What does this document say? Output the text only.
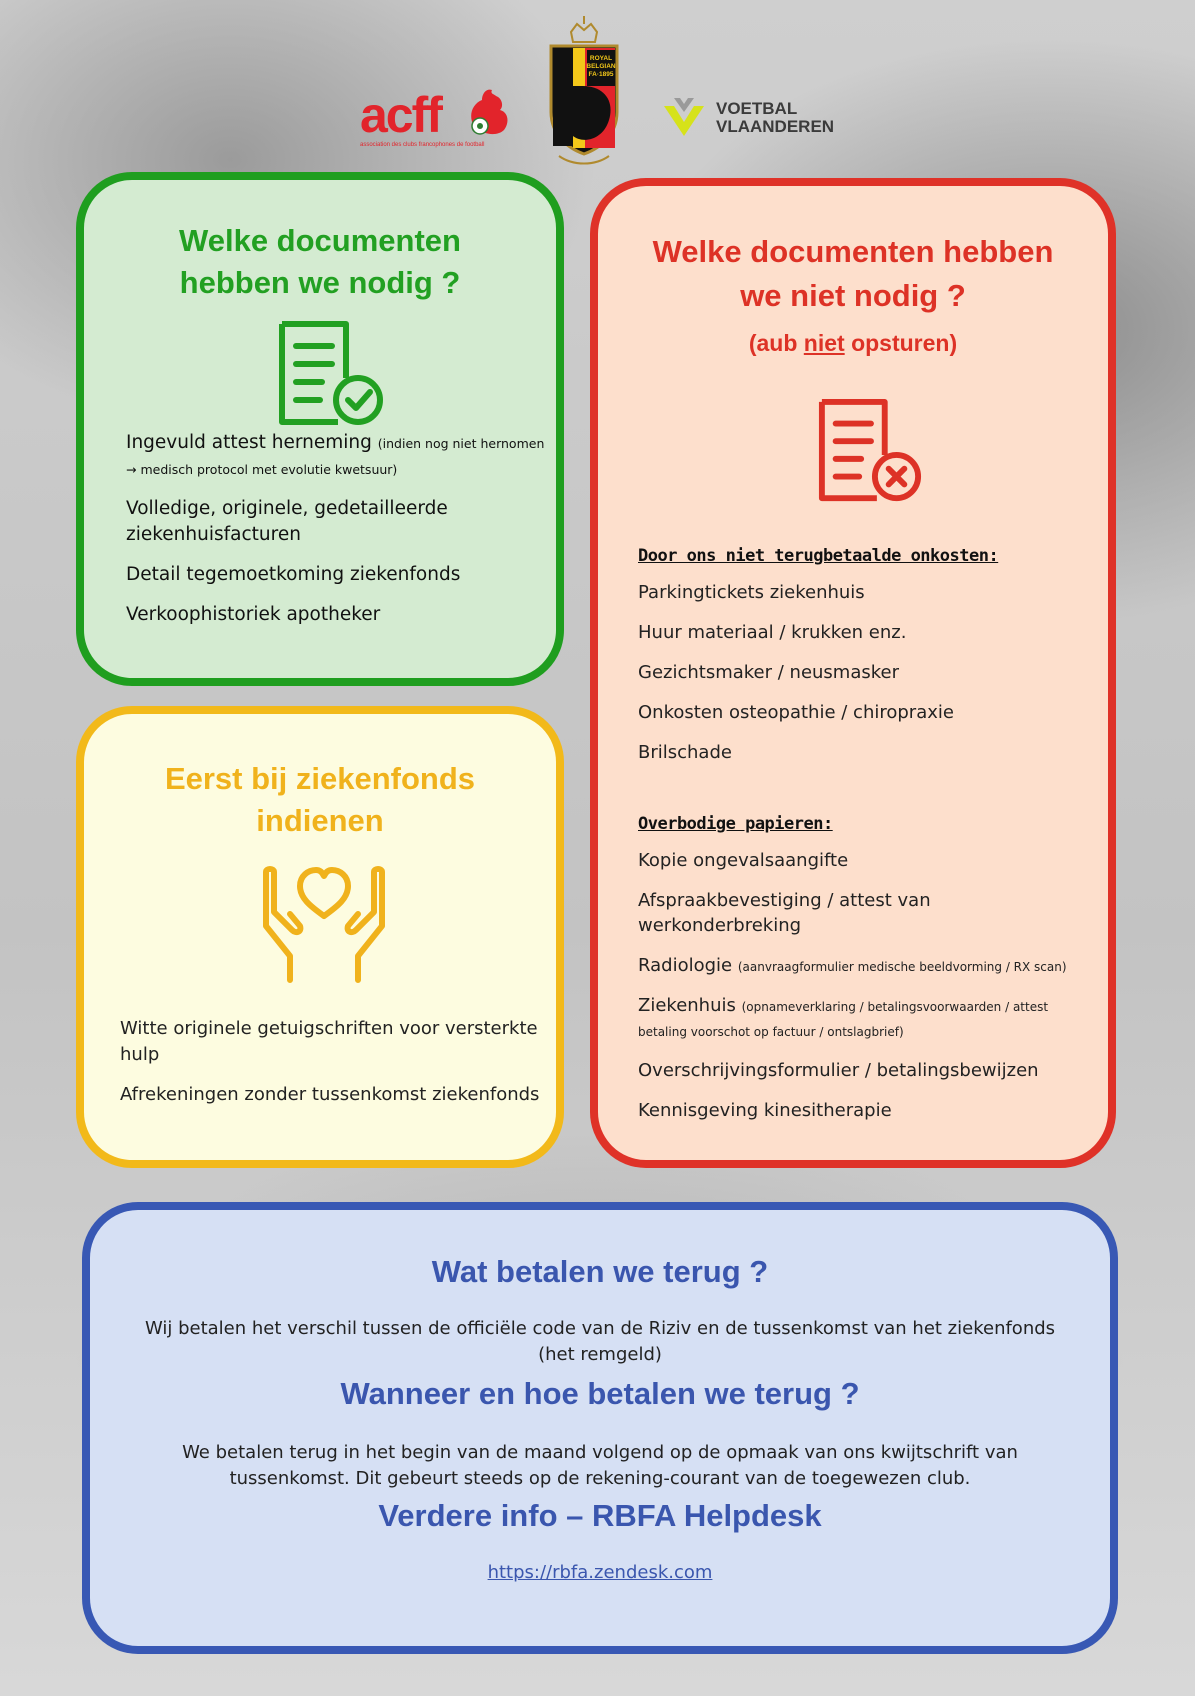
acff
association des clubs francophones de football
ROYAL
BELGIAN
FA·1895
VOETBAL
VLAANDEREN
Welke documenten hebben we nodig ?
Ingevuld attest herneming (indien nog niet hernomen → medisch protocol met evolutie kwetsuur)
Volledige, originele, gedetailleerde ziekenhuisfacturen
Detail tegemoetkoming ziekenfonds
Verkoophistoriek apotheker
Welke documenten hebben we niet nodig ?
(aub niet opsturen)
Door ons niet terugbetaalde onkosten:
Parkingtickets ziekenhuis
Huur materiaal / krukken enz.
Gezichtsmaker / neusmasker
Onkosten osteopathie / chiropraxie
Brilschade
Overbodige papieren:
Kopie ongevalsaangifte
Afspraakbevestiging / attest van werkonderbreking
Radiologie (aanvraagformulier medische beeldvorming / RX scan)
Ziekenhuis (opnameverklaring / betalingsvoorwaarden / attest betaling voorschot op factuur / ontslagbrief)
Overschrijvingsformulier / betalingsbewijzen
Kennisgeving kinesitherapie
Eerst bij ziekenfonds indienen
Witte originele getuigschriften voor versterkte hulp
Afrekeningen zonder tussenkomst ziekenfonds
Wat betalen we terug ?
Wij betalen het verschil tussen de officiële code van de Riziv en de tussenkomst van het ziekenfonds (het remgeld)
Wanneer en hoe betalen we terug ?
We betalen terug in het begin van de maand volgend op de opmaak van ons kwijtschrift van tussenkomst. Dit gebeurt steeds op de rekening-courant van de toegewezen club.
Verdere info – RBFA Helpdesk
https://rbfa.zendesk.com
